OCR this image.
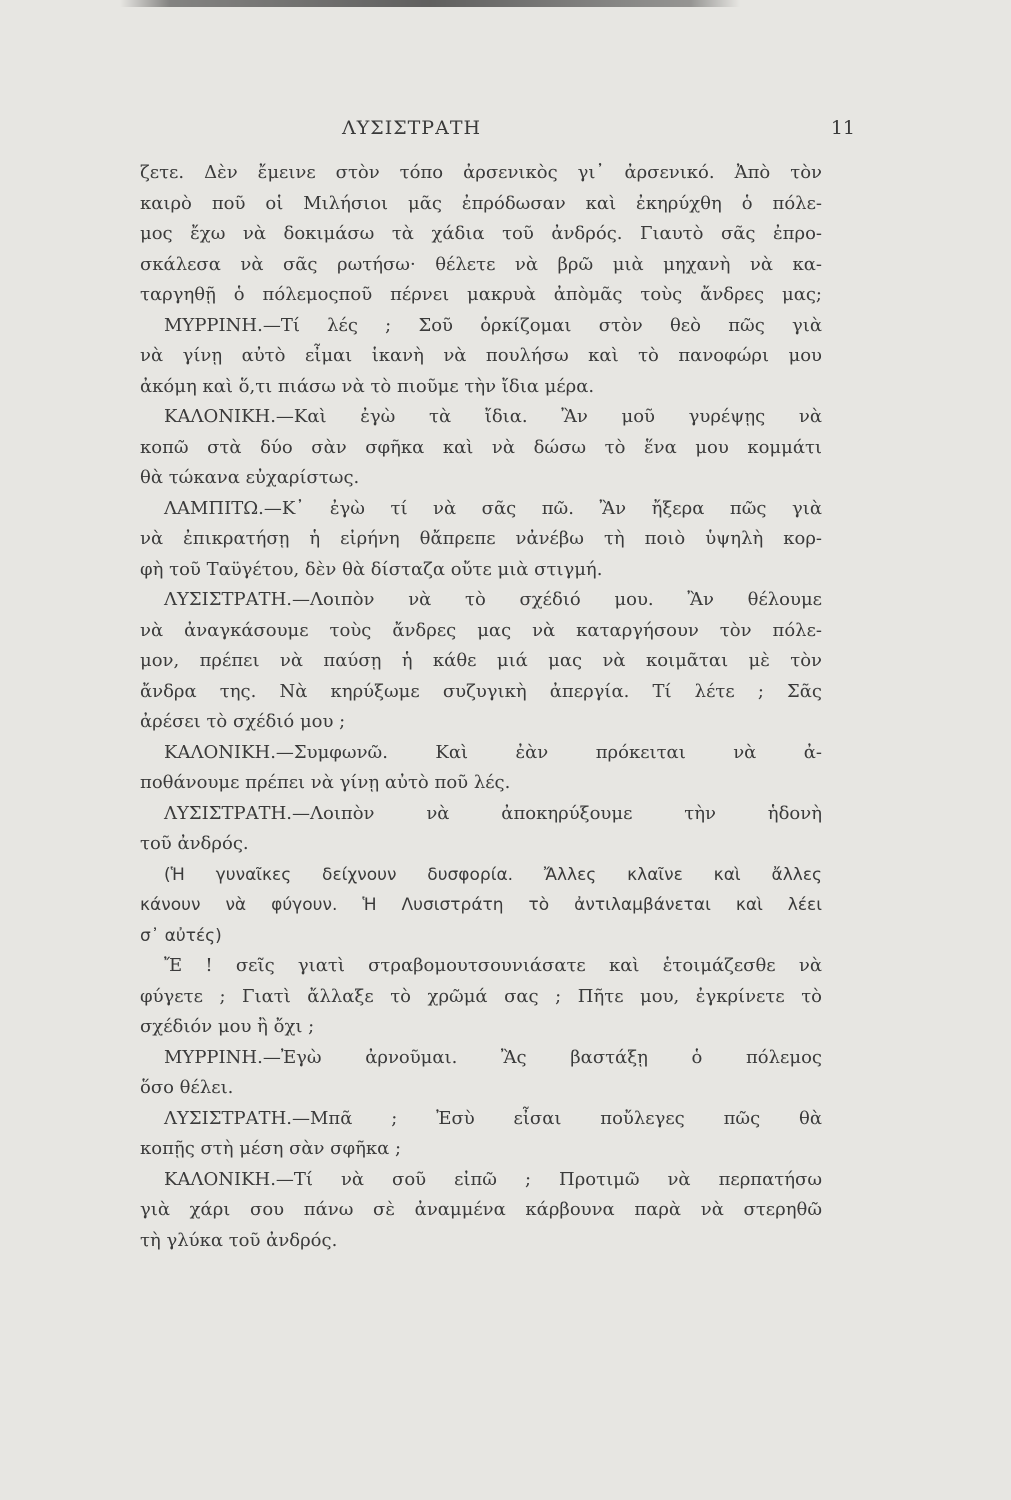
ΛΥΣΙΣΤΡΑΤΗ	11
ζετε. Δὲν ἔμεινε στὸν τόπο ἀρσενικὸς γι᾿ ἀρσενικό. Ἀπὸ τὸν
καιρὸ ποῦ οἱ Μιλήσιοι μᾶς ἐπρόδωσαν καὶ ἐκηρύχθη ὁ πόλε-
μος ἔχω νὰ δοκιμάσω τὰ χάδια τοῦ ἀνδρός. Γιαυτὸ σᾶς ἐπρο-
σκάλεσα νὰ σᾶς ρωτήσω· θέλετε νὰ βρῶ μιὰ μηχανὴ νὰ κα-
ταργηθῇ ὁ πόλεμοςποῦ πέρνει μακρυὰ ἀπὸμᾶς τοὺς ἄνδρες μας;
ΜΥΡΡΙΝΗ.—Τί λές ; Σοῦ ὁρκίζομαι στὸν θεὸ πῶς γιὰ
νὰ γίνῃ αὐτὸ εἶμαι ἱκανὴ νὰ πουλήσω καὶ τὸ πανοφώρι μου
ἀκόμη καὶ ὅ,τι πιάσω νὰ τὸ πιοῦμε τὴν ἴδια μέρα.
ΚΑΛΟΝΙΚΗ.—Καὶ ἐγὼ τὰ ἴδια. Ἂν μοῦ γυρέψῃς νὰ
κοπῶ στὰ δύο σὰν σφῆκα καὶ νὰ δώσω τὸ ἕνα μου κομμάτι
θὰ τώκανα εὐχαρίστως.
ΛΑΜΠΙΤΩ.—Κ᾿ ἐγὼ τί νὰ σᾶς πῶ. Ἂν ἤξερα πῶς γιὰ
νὰ ἐπικρατήσῃ ἡ εἰρήνη θἄπρεπε νἀνέβω τὴ ποιὸ ὑψηλὴ κορ-
φὴ τοῦ Ταϋγέτου, δὲν θὰ δίσταζα οὔτε μιὰ στιγμή.
ΛΥΣΙΣΤΡΑΤΗ.—Λοιπὸν νὰ τὸ σχέδιό μου. Ἂν θέλουμε
νὰ ἀναγκάσουμε τοὺς ἄνδρες μας νὰ καταργήσουν τὸν πόλε-
μον, πρέπει νὰ παύσῃ ἡ κάθε μιά μας νὰ κοιμᾶται μὲ τὸν
ἄνδρα της. Νὰ κηρύξωμε συζυγικὴ ἀπεργία. Τί λέτε ; Σᾶς
ἀρέσει τὸ σχέδιό μου ;
ΚΑΛΟΝΙΚΗ.—Συμφωνῶ. Καὶ ἐὰν πρόκειται νὰ ἀ-
ποθάνουμε πρέπει νὰ γίνῃ αὐτὸ ποῦ λές.
ΛΥΣΙΣΤΡΑΤΗ.—Λοιπὸν νὰ ἀποκηρύξουμε τὴν ἡδονὴ
τοῦ ἀνδρός.
(Ἡ γυναῖκες δείχνουν δυσφορία. Ἄλλες κλαῖνε καὶ ἄλλες
κάνουν νὰ φύγουν. Ἡ Λυσιστράτη τὸ ἀντιλαμβάνεται καὶ λέει
σ᾿ αὐτές)
Ἔ ! σεῖς γιατὶ στραβομουτσουνιάσατε καὶ ἑτοιμάζεσθε νὰ
φύγετε ; Γιατὶ ἄλλαξε τὸ χρῶμά σας ; Πῆτε μου, ἐγκρίνετε τὸ
σχέδιόν μου ἢ ὄχι ;
ΜΥΡΡΙΝΗ.—Ἐγὼ ἀρνοῦμαι. Ἂς βαστάξῃ ὁ πόλεμος
ὅσο θέλει.
ΛΥΣΙΣΤΡΑΤΗ.—Μπᾶ ; Ἐσὺ εἶσαι ποὔλεγες πῶς θὰ
κοπῇς στὴ μέση σὰν σφῆκα ;
ΚΑΛΟΝΙΚΗ.—Τί νὰ σοῦ εἰπῶ ; Προτιμῶ νὰ περπατήσω
γιὰ χάρι σου πάνω σὲ ἀναμμένα κάρβουνα παρὰ νὰ στερηθῶ
τὴ γλύκα τοῦ ἀνδρός.
